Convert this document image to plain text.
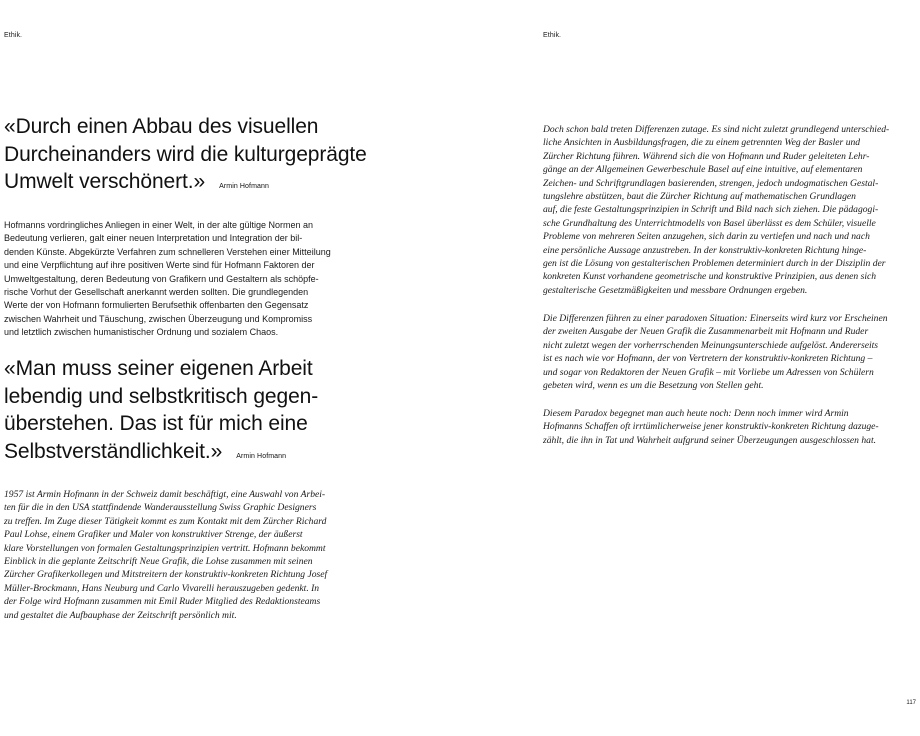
Ethik.

«Durch einen Abbau des visuellen
Durcheinanders wird die kulturgeprägte
Umwelt verschönert.» Armin Hofmann

Hofmanns vordringliches Anliegen in einer Welt, in der alte gültige Normen an
Bedeutung verlieren, galt einer neuen Interpretation und Integration der bil-
denden Künste. Abgekürzte Verfahren zum schnelleren Verstehen einer Mitteilung
und eine Verpflichtung auf ihre positiven Werte sind für Hofmann Faktoren der
Umweltgestaltung, deren Bedeutung von Grafikern und Gestaltern als schöpfe-
rische Vorhut der Gesellschaft anerkannt werden sollten. Die grundlegenden
Werte der von Hofmann formulierten Berufsethik offenbarten den Gegensatz
zwischen Wahrheit und Täuschung, zwischen Überzeugung und Kompromiss
und letztlich zwischen humanistischer Ordnung und sozialem Chaos.

«Man muss seiner eigenen Arbeit
lebendig und selbstkritisch gegen-
überstehen. Das ist für mich eine
Selbstverständlichkeit.» Armin Hofmann

1957 ist Armin Hofmann in der Schweiz damit beschäftigt, eine Auswahl von Arbei-
ten für die in den USA stattfindende Wanderausstellung Swiss Graphic Designers
zu treffen. Im Zuge dieser Tätigkeit kommt es zum Kontakt mit dem Zürcher Richard
Paul Lohse, einem Grafiker und Maler von konstruktiver Strenge, der äußerst
klare Vorstellungen von formalen Gestaltungsprinzipien vertritt. Hofmann bekommt
Einblick in die geplante Zeitschrift Neue Grafik, die Lohse zusammen mit seinen
Zürcher Grafikerkollegen und Mitstreitern der konstruktiv-konkreten Richtung Josef
Müller-Brockmann, Hans Neuburg und Carlo Vivarelli herauszugeben gedenkt. In
der Folge wird Hofmann zusammen mit Emil Ruder Mitglied des Redaktionsteams
und gestaltet die Aufbauphase der Zeitschrift persönlich mit.

Ethik.

Doch schon bald treten Differenzen zutage. Es sind nicht zuletzt grundlegend unterschied-
liche Ansichten in Ausbildungsfragen, die zu einem getrennten Weg der Basler und
Zürcher Richtung führen. Während sich die von Hofmann und Ruder geleiteten Lehr-
gänge an der Allgemeinen Gewerbeschule Basel auf eine intuitive, auf elementaren
Zeichen- und Schriftgrundlagen basierenden, strengen, jedoch undogmatischen Gestal-
tungslehre abstützen, baut die Zürcher Richtung auf mathematischen Grundlagen
auf, die feste Gestaltungsprinzipien in Schrift und Bild nach sich ziehen. Die pädagogi-
sche Grundhaltung des Unterrichtmodells von Basel überlässt es dem Schüler, visuelle
Probleme von mehreren Seiten anzugehen, sich darin zu vertiefen und nach und nach
eine persönliche Aussage anzustreben. In der konstruktiv-konkreten Richtung hinge-
gen ist die Lösung von gestalterischen Problemen determiniert durch in der Disziplin der
konkreten Kunst vorhandene geometrische und konstruktive Prinzipien, aus denen sich
gestalterische Gesetzmäßigkeiten und messbare Ordnungen ergeben.

Die Differenzen führen zu einer paradoxen Situation: Einerseits wird kurz vor Erscheinen
der zweiten Ausgabe der Neuen Grafik die Zusammenarbeit mit Hofmann und Ruder
nicht zuletzt wegen der vorherrschenden Meinungsunterschiede aufgelöst. Andererseits
ist es nach wie vor Hofmann, der von Vertretern der konstruktiv-konkreten Richtung –
und sogar von Redaktoren der Neuen Grafik – mit Vorliebe um Adressen von Schülern
gebeten wird, wenn es um die Besetzung von Stellen geht.

Diesem Paradox begegnet man auch heute noch: Denn noch immer wird Armin
Hofmanns Schaffen oft irrtümlicherweise jener konstruktiv-konkreten Richtung dazuge-
zählt, die ihn in Tat und Wahrheit aufgrund seiner Überzeugungen ausgeschlossen hat.

117
